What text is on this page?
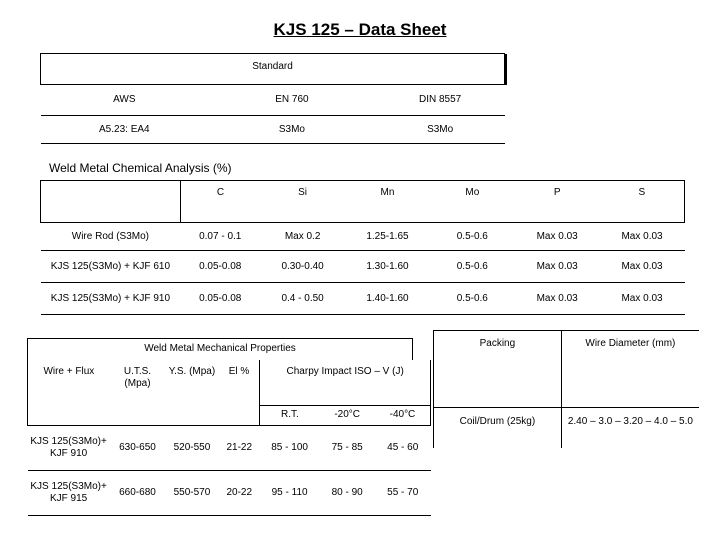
KJS 125 – Data Sheet
Standard		
AWS	EN 760	DIN 8557
A5.23: EA4	S3Mo	S3Mo
Weld Metal Chemical Analysis (%)
	C	Si	Mn	Mo	P	S
Wire Rod (S3Mo)	0.07 - 0.1	Max 0.2	1.25-1.65	0.5-0.6	Max 0.03	Max 0.03
KJS 125(S3Mo) + KJF 610	0.05-0.08	0.30-0.40	1.30-1.60	0.5-0.6	Max 0.03	Max 0.03
KJS 125(S3Mo) + KJF 910	0.05-0.08	0.4 - 0.50	1.40-1.60	0.5-0.6	Max 0.03	Max 0.03
Weld Metal Mechanical Properties
Wire + Flux	U.T.S. (Mpa)	Y.S. (Mpa)	El %	Charpy Impact ISO – V (J)		
				R.T.	-20°C	-40°C
KJS 125(S3Mo)+ KJF 910	630-650	520-550	21-22	85 - 100	75 - 85	45 - 60
KJS 125(S3Mo)+ KJF 915	660-680	550-570	20-22	95 - 110	80 - 90	55 - 70
Packing	Wire Diameter (mm)
Coil/Drum (25kg)	2.40 – 3.0 – 3.20 – 4.0 – 5.0
